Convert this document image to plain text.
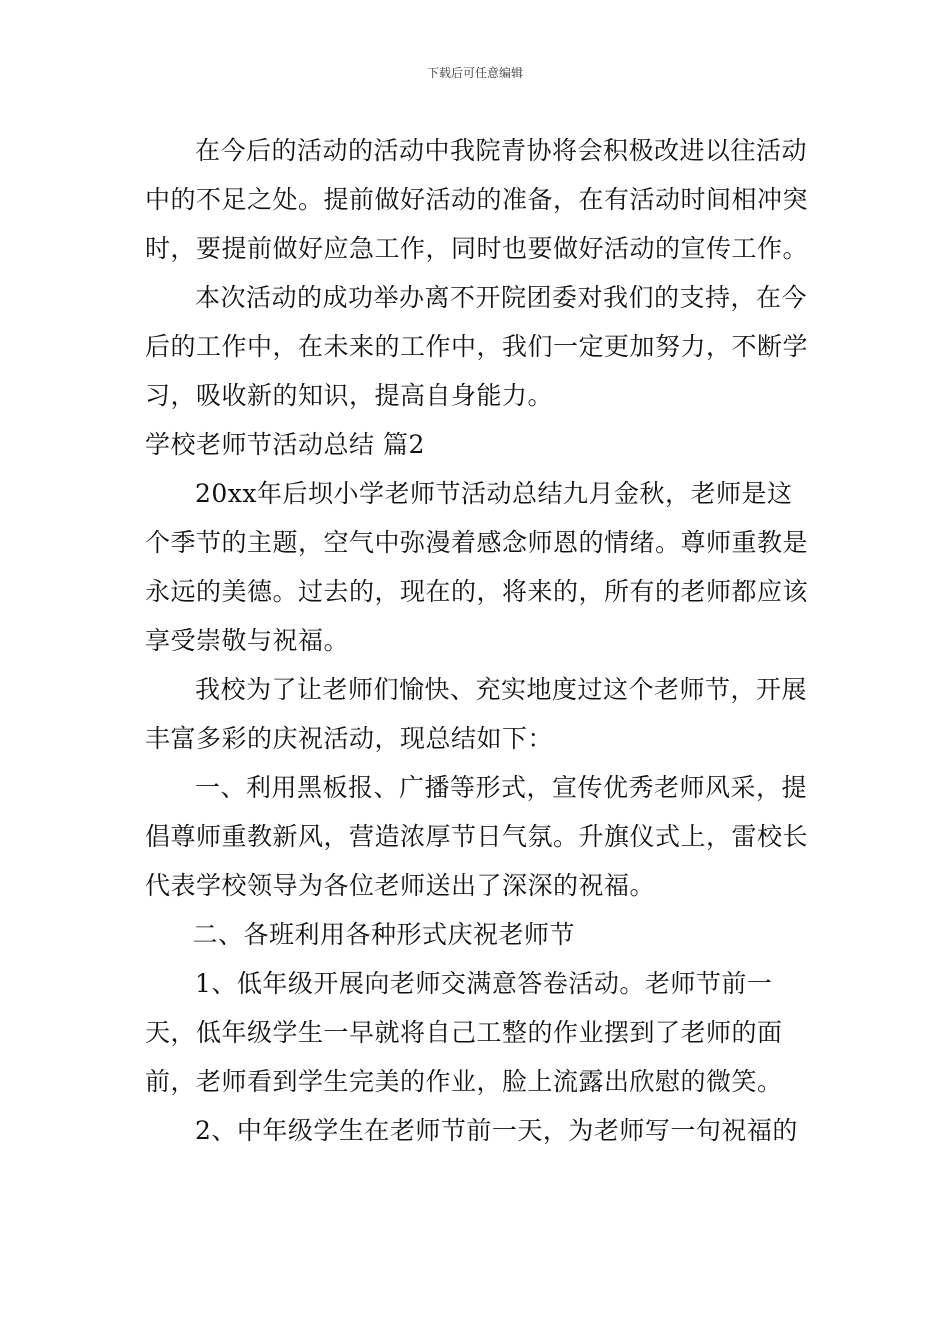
下载后可任意编辑

在今后的活动的活动中我院青协将会积极改进以往活动中的不足之处。提前做好活动的准备，在有活动时间相冲突时，要提前做好应急工作，同时也要做好活动的宣传工作。

本次活动的成功举办离不开院团委对我们的支持，在今后的工作中，在未来的工作中，我们一定更加努力，不断学习，吸收新的知识，提高自身能力。

学校老师节活动总结 篇2

20xx年后坝小学老师节活动总结九月金秋，老师是这个季节的主题，空气中弥漫着感念师恩的情绪。尊师重教是永远的美德。过去的，现在的，将来的，所有的老师都应该享受崇敬与祝福。

我校为了让老师们愉快、充实地度过这个老师节，开展丰富多彩的庆祝活动，现总结如下：

一、利用黑板报、广播等形式，宣传优秀老师风采，提倡尊师重教新风，营造浓厚节日气氛。升旗仪式上，雷校长代表学校领导为各位老师送出了深深的祝福。

二、各班利用各种形式庆祝老师节

1、低年级开展向老师交满意答卷活动。老师节前一天，低年级学生一早就将自己工整的作业摆到了老师的面前，老师看到学生完美的作业，脸上流露出欣慰的微笑。

2、中年级学生在老师节前一天，为老师写一句祝福的
